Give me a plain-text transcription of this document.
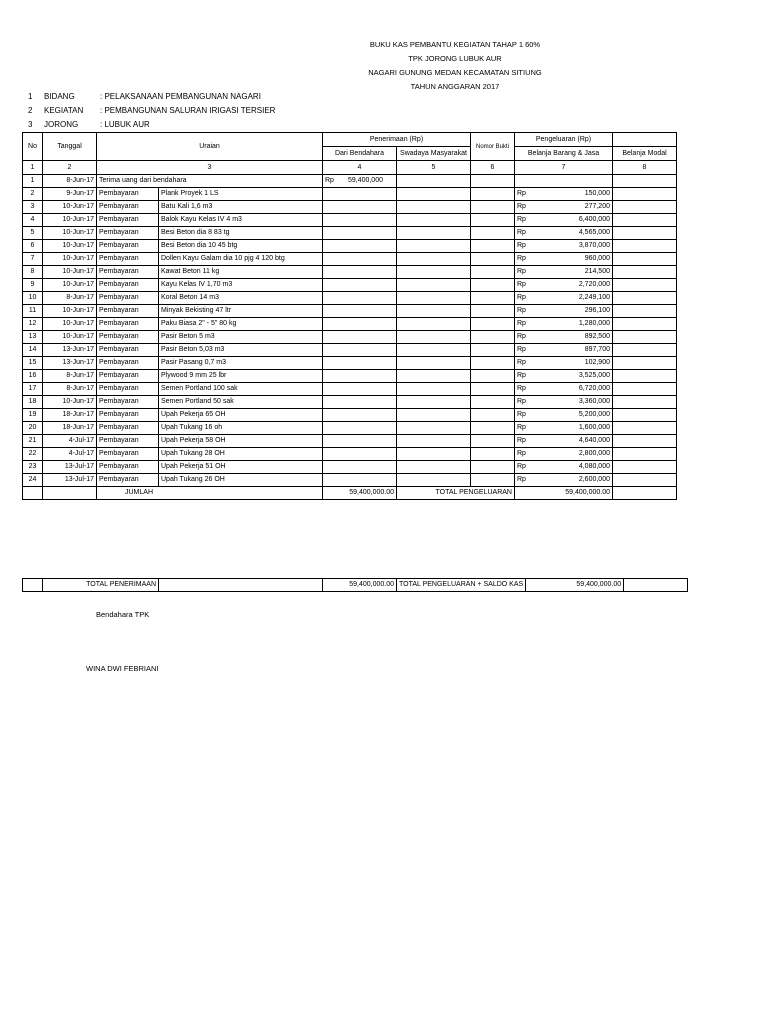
BUKU KAS PEMBANTU KEGIATAN TAHAP 1 60%
TPK JORONG LUBUK AUR
NAGARI GUNUNG MEDAN KECAMATAN SITIUNG
TAHUN ANGGARAN 2017
1	BIDANG	: PELAKSANAAN PEMBANGUNAN NAGARI
2	KEGIATAN	: PEMBANGUNAN SALURAN IRIGASI TERSIER
3	JORONG	: LUBUK AUR
No	Tanggal	Uraian		Penerimaan (Rp)		Nomor Bukti	Pengeluaran (Rp)	
				Dari Bendahara	Swadaya Masyarakat		Belanja Barang & Jasa	Belanja Modal
1	2	3		4	5	6	7	8
1	8-Jun-17	Terima uang dari bendahara		Rp 59,400,000				
2	9-Jun-17	Pembayaran	Plank Proyek 1 LS				Rp 150,000	

3	10-Jun-17	Pembayaran	Batu Kali 1,6 m3				Rp 277,200	

4	10-Jun-17	Pembayaran	Balok Kayu Kelas IV 4 m3				Rp 6,400,000	

5	10-Jun-17	Pembayaran	Besi Beton dia 8 83 tg				Rp 4,565,000	

6	10-Jun-17	Pembayaran	Besi Beton dia 10 45 btg				Rp 3,870,000	

7	10-Jun-17	Pembayaran	Dollen Kayu Galam dia 10 pjg 4 120 btg				Rp 960,000	

8	10-Jun-17	Pembayaran	Kawat Beton 11 kg				Rp 214,500	

9	10-Jun-17	Pembayaran	Kayu Kelas IV 1,70 m3				Rp 2,720,000	

10	8-Jun-17	Pembayaran	Koral Beton 14 m3				Rp 2,249,100	

11	10-Jun-17	Pembayaran	Minyak Bekisting 47 ltr				Rp 296,100	

12	10-Jun-17	Pembayaran	Paku Biasa 2" - 5" 80 kg				Rp 1,280,000	

13	10-Jun-17	Pembayaran	Pasir Beton 5 m3				Rp 892,500	

14	13-Jun-17	Pembayaran	Pasir Beton 5,03 m3				Rp 897,700	

15	13-Jun-17	Pembayaran	Pasir Pasang 0,7 m3				Rp 102,900	

16	8-Jun-17	Pembayaran	Plywood 9 mm 25 lbr				Rp 3,525,000	

17	8-Jun-17	Pembayaran	Semen Portland 100 sak				Rp 6,720,000	

18	10-Jun-17	Pembayaran	Semen Portland 50 sak				Rp 3,360,000	

19	18-Jun-17	Pembayaran	Upah Pekerja 65 OH				Rp 5,200,000	

20	18-Jun-17	Pembayaran	Upah Tukang 16 oh				Rp 1,600,000	

21	4-Jul-17	Pembayaran	Upah Pekerja 58 OH				Rp 4,640,000	

22	4-Jul-17	Pembayaran	Upah Tukang 28 OH				Rp 2,800,000	

23	13-Jul-17	Pembayaran	Upah Pekerja 51 OH				Rp 4,080,000	

24	13-Jul-17	Pembayaran	Upah Tukang 26 OH				Rp 2,600,000	

		JUMLAH		59,400,000.00	TOTAL PENGELUARAN		59,400,000.00	
	TOTAL PENERIMAAN		59,400,000.00	TOTAL PENGELUARAN + SALDO KAS	59,400,000.00	
Bendahara TPK
WINA DWI FEBRIANI
